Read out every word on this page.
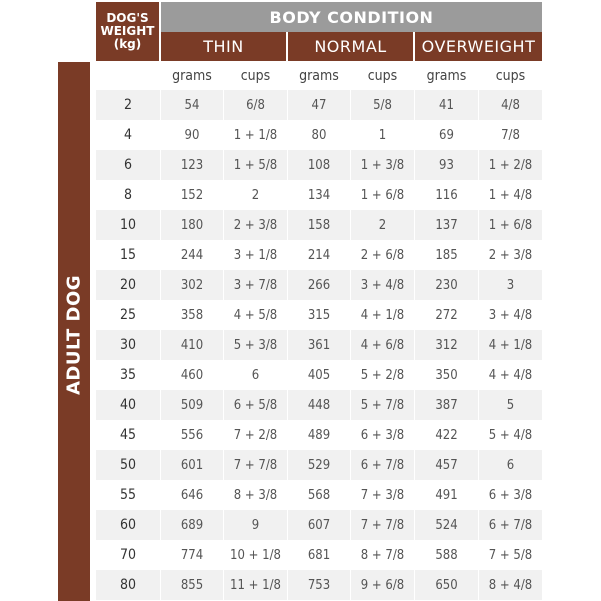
DOG'S
WEIGHT
(kg)
BODY CONDITION
THIN	NORMAL	OVERWEIGHT
ADULT DOG
grams	cups	grams	cups	grams	cups
2	54	6/8	47	5/8	41	4/8
4	90	1 + 1/8	80	1	69	7/8
6	123	1 + 5/8	108	1 + 3/8	93	1 + 2/8
8	152	2	134	1 + 6/8	116	1 + 4/8
10	180	2 + 3/8	158	2	137	1 + 6/8
15	244	3 + 1/8	214	2 + 6/8	185	2 + 3/8
20	302	3 + 7/8	266	3 + 4/8	230	3
25	358	4 + 5/8	315	4 + 1/8	272	3 + 4/8
30	410	5 + 3/8	361	4 + 6/8	312	4 + 1/8
35	460	6	405	5 + 2/8	350	4 + 4/8
40	509	6 + 5/8	448	5 + 7/8	387	5
45	556	7 + 2/8	489	6 + 3/8	422	5 + 4/8
50	601	7 + 7/8	529	6 + 7/8	457	6
55	646	8 + 3/8	568	7 + 3/8	491	6 + 3/8
60	689	9	607	7 + 7/8	524	6 + 7/8
70	774	10 + 1/8	681	8 + 7/8	588	7 + 5/8
80	855	11 + 1/8	753	9 + 6/8	650	8 + 4/8
